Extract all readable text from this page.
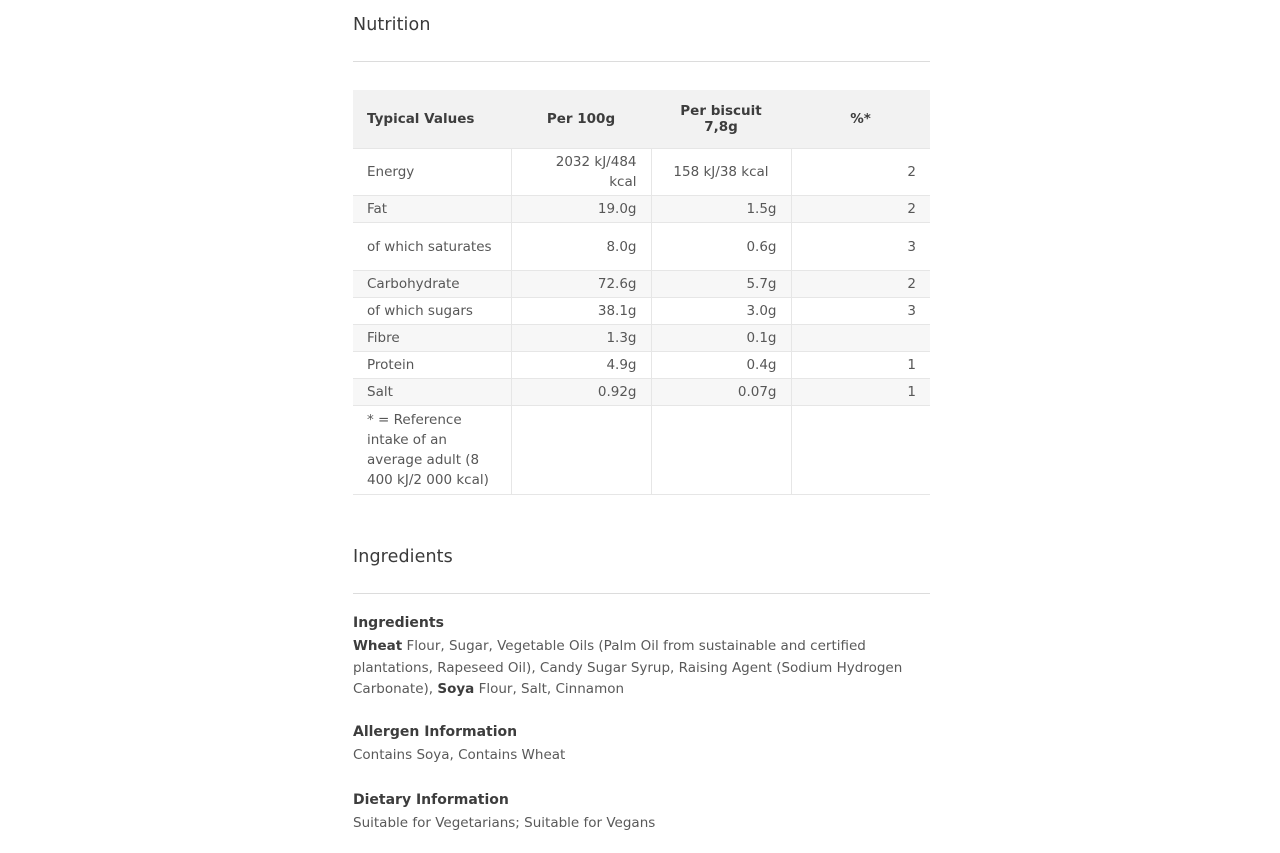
Nutrition
Typical Values	Per 100g	Per biscuit 7,8g	%*
Energy	2032 kJ/484 kcal	158 kJ/38 kcal	2
Fat	19.0g	1.5g	2
of which saturates	8.0g	0.6g	3
Carbohydrate	72.6g	5.7g	2
of which sugars	38.1g	3.0g	3
Fibre	1.3g	0.1g	
Protein	4.9g	0.4g	1
Salt	0.92g	0.07g	1
* = Reference intake of an average adult (8 400 kJ/2 000 kcal)			
Ingredients

Ingredients

Wheat Flour, Sugar, Vegetable Oils (Palm Oil from sustainable and certified plantations, Rapeseed Oil), Candy Sugar Syrup, Raising Agent (Sodium Hydrogen Carbonate), Soya Flour, Salt, Cinnamon

Allergen Information

Contains Soya, Contains Wheat

Dietary Information

Suitable for Vegetarians; Suitable for Vegans
